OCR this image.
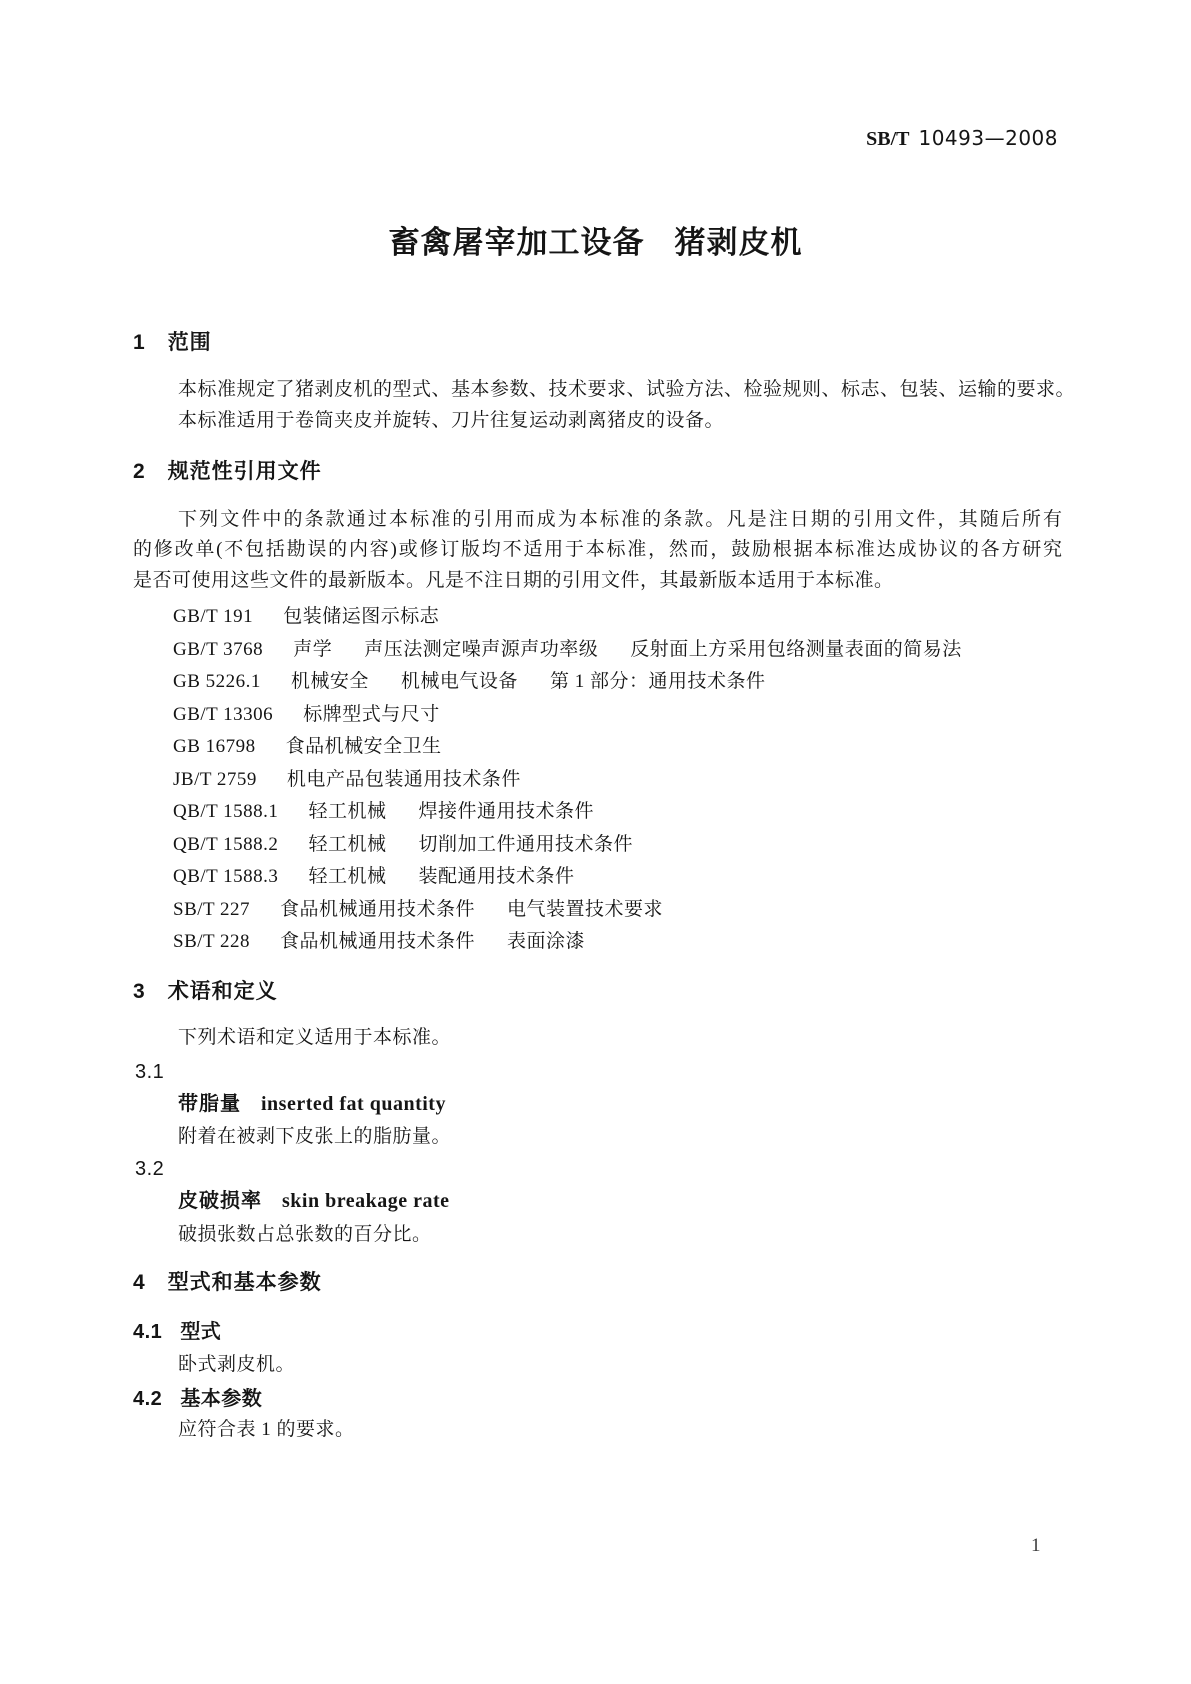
SB/T 10493—2008
畜禽屠宰加工设备 猪剥皮机
1 范围
本标准规定了猪剥皮机的型式、基本参数、技术要求、试验方法、检验规则、标志、包装、运输的要求。
本标准适用于卷筒夹皮并旋转、刀片往复运动剥离猪皮的设备。
2 规范性引用文件
下列文件中的条款通过本标准的引用而成为本标准的条款。凡是注日期的引用文件，其随后所有
的修改单(不包括勘误的内容)或修订版均不适用于本标准，然而，鼓励根据本标准达成协议的各方研究
是否可使用这些文件的最新版本。凡是不注日期的引用文件，其最新版本适用于本标准。
GB/T 191 包装储运图示标志
GB/T 3768 声学 声压法测定噪声源声功率级 反射面上方采用包络测量表面的简易法
GB 5226.1 机械安全 机械电气设备 第 1 部分：通用技术条件
GB/T 13306 标牌型式与尺寸
GB 16798 食品机械安全卫生
JB/T 2759 机电产品包装通用技术条件
QB/T 1588.1 轻工机械 焊接件通用技术条件
QB/T 1588.2 轻工机械 切削加工件通用技术条件
QB/T 1588.3 轻工机械 装配通用技术条件
SB/T 227 食品机械通用技术条件 电气装置技术要求
SB/T 228 食品机械通用技术条件 表面涂漆
3 术语和定义
下列术语和定义适用于本标准。
3.1
带脂量 inserted fat quantity
附着在被剥下皮张上的脂肪量。
3.2
皮破损率 skin breakage rate
破损张数占总张数的百分比。
4 型式和基本参数
4.1 型式
卧式剥皮机。
4.2 基本参数
应符合表 1 的要求。
1
